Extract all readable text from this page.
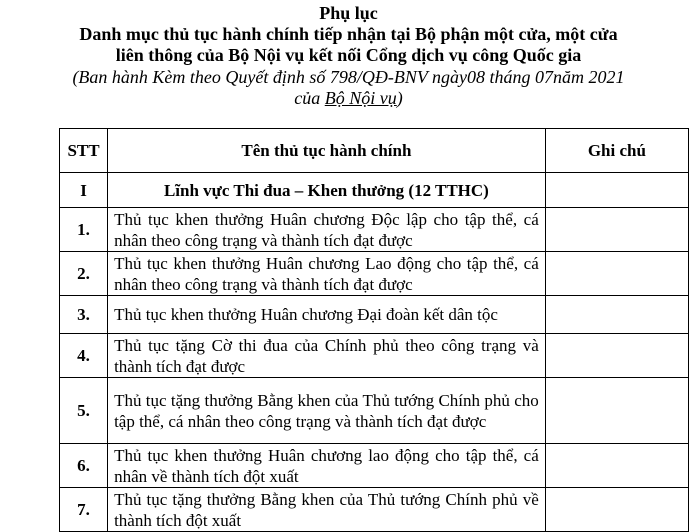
Phụ lục
Danh mục thủ tục hành chính tiếp nhận tại Bộ phận một cửa, một cửa
liên thông của Bộ Nội vụ kết nối Cổng dịch vụ công Quốc gia
(Ban hành Kèm theo Quyết định số 798/QĐ-BNV ngày08 tháng 07năm 2021
của Bộ Nội vụ)
STT	Tên thủ tục hành chính	Ghi chú
I	Lĩnh vực Thi đua – Khen thưởng (12 TTHC)	
1.	Thủ tục khen thưởng Huân chương Độc lập cho tập thể, cá nhân theo công trạng và thành tích đạt được	
2.	Thủ tục khen thưởng Huân chương Lao động cho tập thể, cá nhân theo công trạng và thành tích đạt được	
3.	Thủ tục khen thưởng Huân chương Đại đoàn kết dân tộc	
4.	Thủ tục tặng Cờ thi đua của Chính phủ theo công trạng và thành tích đạt được	
5.	Thủ tục tặng thưởng Bằng khen của Thủ tướng Chính phủ cho tập thể, cá nhân theo công trạng và thành tích đạt được	
6.	Thủ tục khen thưởng Huân chương lao động cho tập thể, cá nhân về thành tích đột xuất	
7.	Thủ tục tặng thưởng Bằng khen của Thủ tướng Chính phủ về thành tích đột xuất	
